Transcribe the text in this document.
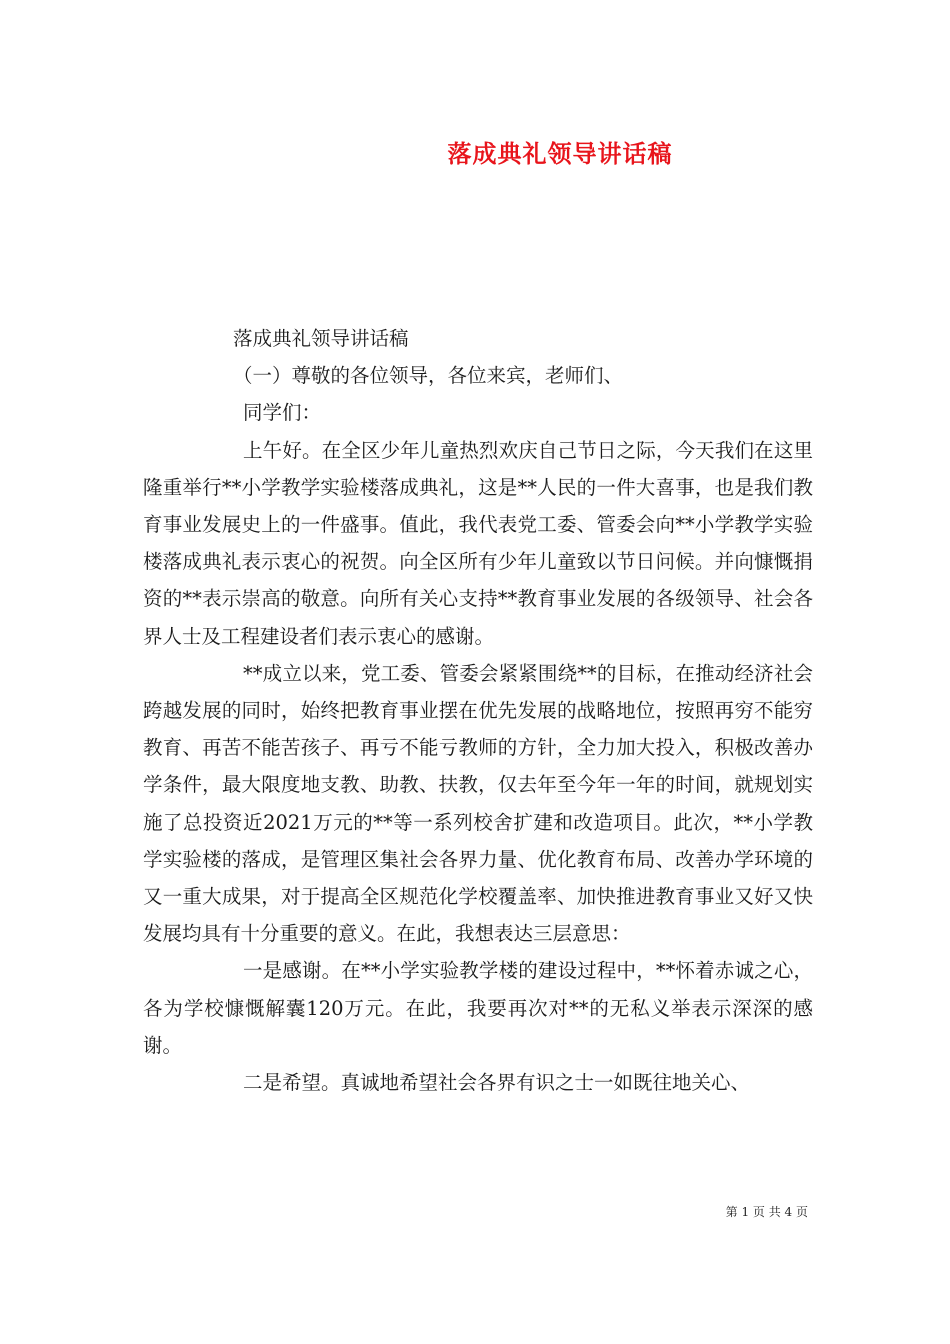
落成典礼领导讲话稿

落成典礼领导讲话稿

（一）尊敬的各位领导，各位来宾，老师们、

同学们：

上午好。在全区少年儿童热烈欢庆自己节日之际，今天我们在这里隆重举行**小学教学实验楼落成典礼，这是**人民的一件大喜事，也是我们教育事业发展史上的一件盛事。值此，我代表党工委、管委会向**小学教学实验楼落成典礼表示衷心的祝贺。向全区所有少年儿童致以节日问候。并向慷慨捐资的**表示崇高的敬意。向所有关心支持**教育事业发展的各级领导、社会各界人士及工程建设者们表示衷心的感谢。

**成立以来，党工委、管委会紧紧围绕**的目标，在推动经济社会跨越发展的同时，始终把教育事业摆在优先发展的战略地位，按照再穷不能穷教育、再苦不能苦孩子、再亏不能亏教师的方针，全力加大投入，积极改善办学条件，最大限度地支教、助教、扶教，仅去年至今年一年的时间，就规划实施了总投资近2021万元的**等一系列校舍扩建和改造项目。此次，**小学教学实验楼的落成，是管理区集社会各界力量、优化教育布局、改善办学环境的又一重大成果，对于提高全区规范化学校覆盖率、加快推进教育事业又好又快发展均具有十分重要的意义。在此，我想表达三层意思：

一是感谢。在**小学实验教学楼的建设过程中，**怀着赤诚之心，各为学校慷慨解囊120万元。在此，我要再次对**的无私义举表示深深的感谢。

二是希望。真诚地希望社会各界有识之士一如既往地关心、

第 1 页 共 4 页
